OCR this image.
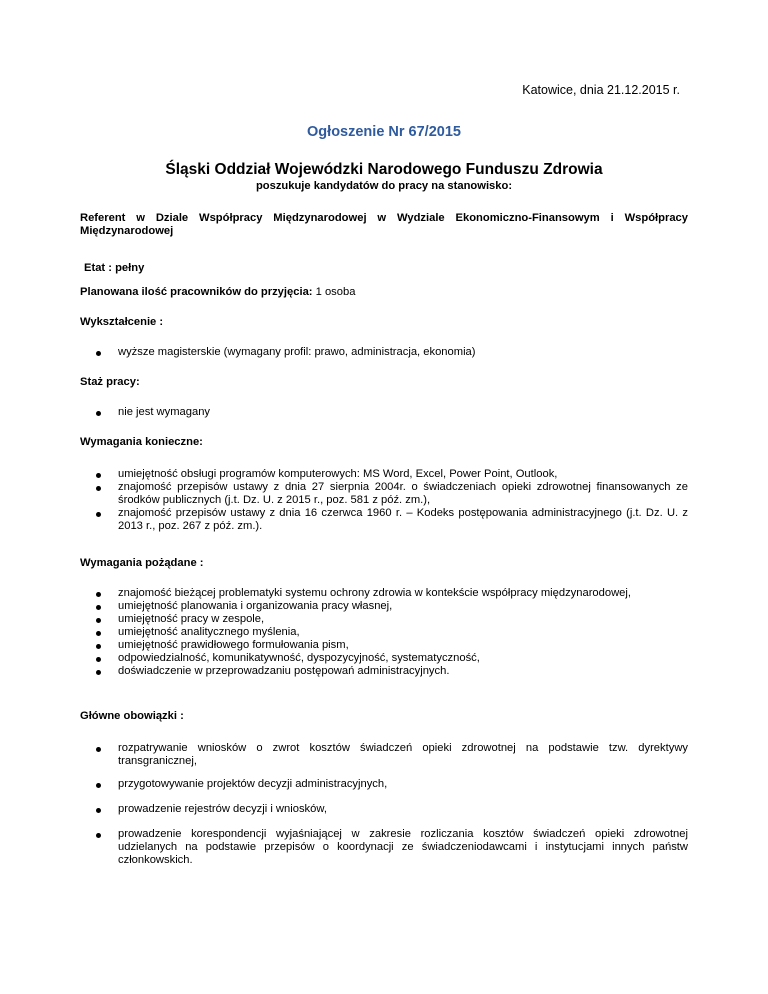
Katowice, dnia 21.12.2015 r.
Ogłoszenie Nr 67/2015
Śląski Oddział Wojewódzki Narodowego Funduszu Zdrowia
poszukuje kandydatów do pracy na stanowisko:
Referent w Dziale Współpracy Międzynarodowej w Wydziale Ekonomiczno-Finansowym i Współpracy Międzynarodowej
Etat : pełny
Planowana ilość pracowników do przyjęcia: 1 osoba
Wykształcenie :
wyższe magisterskie (wymagany profil: prawo, administracja, ekonomia)
Staż pracy:
nie jest wymagany
Wymagania konieczne:
umiejętność obsługi programów komputerowych: MS Word, Excel, Power Point, Outlook,
znajomość przepisów ustawy z dnia 27 sierpnia 2004r. o świadczeniach opieki zdrowotnej finansowanych ze środków publicznych (j.t. Dz. U. z 2015 r., poz. 581 z póź. zm.),
znajomość przepisów ustawy z dnia 16 czerwca 1960 r. – Kodeks postępowania administracyjnego (j.t. Dz. U. z 2013 r., poz. 267 z póź. zm.).
Wymagania pożądane :
znajomość bieżącej problematyki systemu ochrony zdrowia w kontekście współpracy międzynarodowej,
umiejętność planowania i organizowania pracy własnej,
umiejętność pracy w zespole,
umiejętność analitycznego myślenia,
umiejętność prawidłowego formułowania pism,
odpowiedzialność, komunikatywność, dyspozycyjność, systematyczność,
doświadczenie w przeprowadzaniu postępowań administracyjnych.
Główne obowiązki :
rozpatrywanie wniosków o zwrot kosztów świadczeń opieki zdrowotnej na podstawie tzw. dyrektywy transgranicznej,
przygotowywanie projektów decyzji administracyjnych,
prowadzenie rejestrów decyzji i wniosków,
prowadzenie korespondencji wyjaśniającej w zakresie rozliczania kosztów świadczeń opieki zdrowotnej udzielanych na podstawie przepisów o koordynacji ze świadczeniodawcami i instytucjami innych państw członkowskich.
